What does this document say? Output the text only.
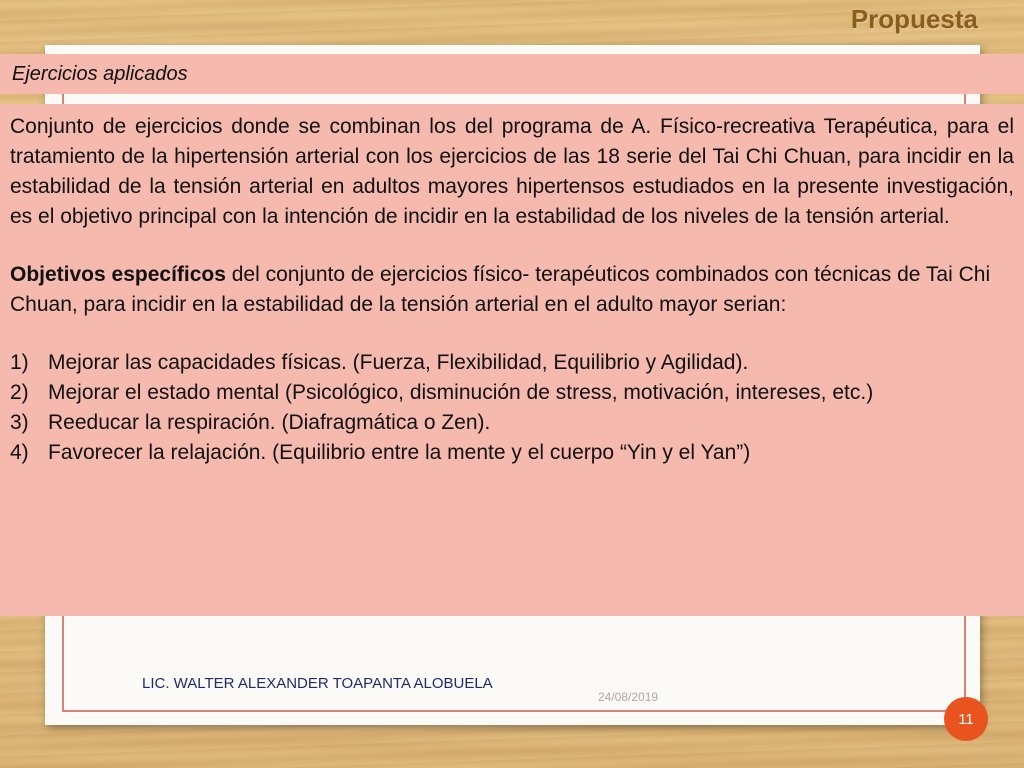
Propuesta
Ejercicios aplicados

Conjunto de ejercicios donde se combinan los del programa de A. Físico-recreativa Terapéutica, para el tratamiento de la hipertensión arterial con los ejercicios de las 18 serie del Tai Chi Chuan, para incidir en la estabilidad de la tensión arterial en adultos mayores hipertensos estudiados en la presente investigación, es el objetivo principal con la intención de incidir en la estabilidad de los niveles de la tensión arterial.

Objetivos específicos del conjunto de ejercicios físico- terapéuticos combinados con técnicas de Tai Chi Chuan, para incidir en la estabilidad de la tensión arterial en el adulto mayor serian:

1) Mejorar las capacidades físicas. (Fuerza, Flexibilidad, Equilibrio y Agilidad).
2) Mejorar el estado mental (Psicológico, disminución de stress, motivación, intereses, etc.)
3) Reeducar la respiración. (Diafragmática o Zen).
4) Favorecer la relajación. (Equilibrio entre la mente y el cuerpo “Yin y el Yan”)
LIC. WALTER ALEXANDER TOAPANTA ALOBUELA
24/08/2019
11
